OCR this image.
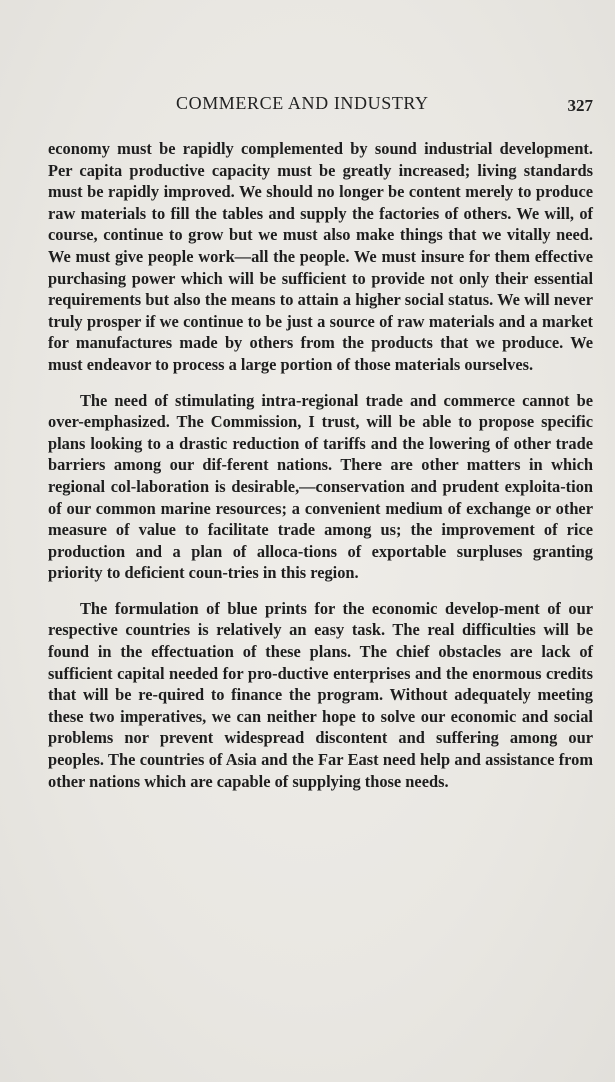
COMMERCE AND INDUSTRY	327

economy must be rapidly complemented by sound industrial development. Per capita productive capacity must be greatly increased; living standards must be rapidly improved. We should no longer be content merely to produce raw materials to fill the tables and supply the factories of others. We will, of course, continue to grow but we must also make things that we vitally need. We must give people work—all the people. We must insure for them effective purchasing power which will be sufficient to provide not only their essential requirements but also the means to attain a higher social status. We will never truly prosper if we continue to be just a source of raw materials and a market for manufactures made by others from the products that we produce. We must endeavor to process a large portion of those materials ourselves.

The need of stimulating intra-regional trade and commerce cannot be over-emphasized. The Commission, I trust, will be able to propose specific plans looking to a drastic reduction of tariffs and the lowering of other trade barriers among our dif-ferent nations. There are other matters in which regional col-laboration is desirable,—conservation and prudent exploita-tion of our common marine resources; a convenient medium of exchange or other measure of value to facilitate trade among us; the improvement of rice production and a plan of alloca-tions of exportable surpluses granting priority to deficient coun-tries in this region.

The formulation of blue prints for the economic develop-ment of our respective countries is relatively an easy task. The real difficulties will be found in the effectuation of these plans. The chief obstacles are lack of sufficient capital needed for pro-ductive enterprises and the enormous credits that will be re-quired to finance the program. Without adequately meeting these two imperatives, we can neither hope to solve our economic and social problems nor prevent widespread discontent and suffering among our peoples. The countries of Asia and the Far East need help and assistance from other nations which are capable of supplying those needs.
